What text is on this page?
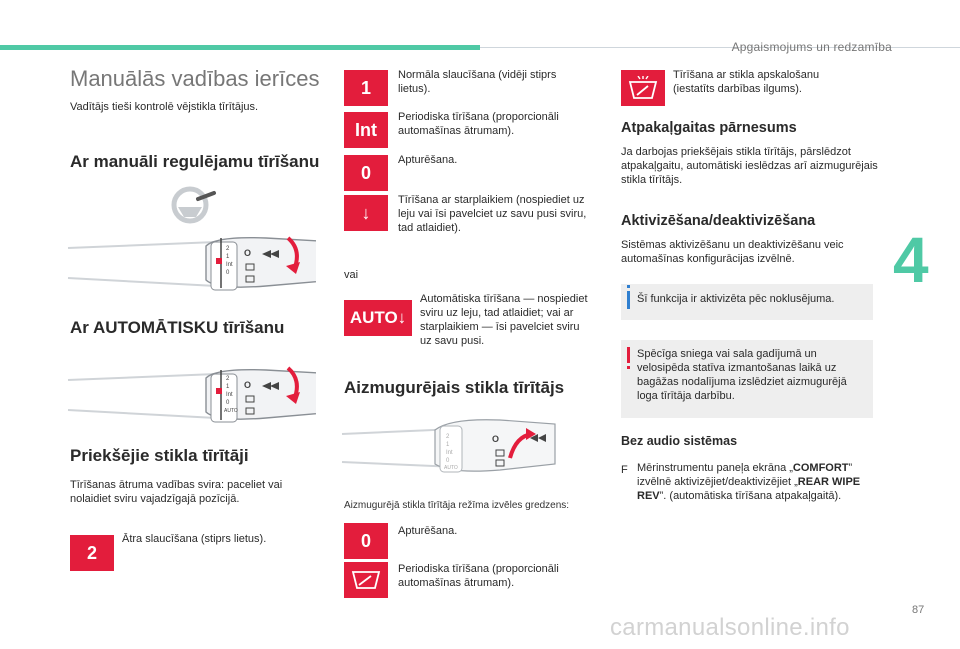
Apgaismojums un redzamība
4
Manuālās vadības ierīces
Vadītājs tieši kontrolē vējstikla tīrītājus.
Ar manuāli regulējamu tīrīšanu
2
1
Int
0
O
Ar AUTOMĀTISKU tīrīšanu
2
1
Int
0
AUTO
O
Priekšējie stikla tīrītāji
Tīrīšanas ātruma vadības svira: paceliet vai nolaidiet sviru vajadzīgajā pozīcijā.
2
Ātra slaucīšana (stiprs lietus).
1
Normāla slaucīšana (vidēji stiprs lietus).
Int
Periodiska tīrīšana (proporcionāli automašīnas ātrumam).
0
Apturēšana.
↓
Tīrīšana ar starplaikiem (nospiediet uz leju vai īsi pavelciet uz savu pusi sviru, tad atlaidiet).
vai
AUTO↓
Automātiska tīrīšana — nospiediet sviru uz leju, tad atlaidiet; vai ar starplaikiem — īsi pavelciet sviru uz savu pusi.
Aizmugurējais stikla tīrītājs
2
1
Int
0
AUTO
O
Aizmugurējā stikla tīrītāja režīma izvēles gredzens:
0	Apturēšana.
Periodiska tīrīšana (proporcionāli automašīnas ātrumam).
Tīrīšana ar stikla apskalošanu (iestatīts darbības ilgums).
Atpakaļgaitas pārnesums
Ja darbojas priekšējais stikla tīrītājs, pārslēdzot atpakaļgaitu, automātiski ieslēdzas arī aizmugurējais stikla tīrītājs.
Aktivizēšana/deaktivizēšana
Sistēmas aktivizēšanu un deaktivizēšanu veic automašīnas konfigurācijas izvēlnē.
Šī funkcija ir aktivizēta pēc noklusējuma.
Spēcīga sniega vai sala gadījumā un velosipēda statīva izmantošanas laikā uz bagāžas nodalījuma izslēdziet aizmugurējā loga tīrītāja darbību.
Bez audio sistēmas
F Mērinstrumentu paneļa ekrāna „COMFORT” izvēlnē aktivizējiet/deaktivizējiet „REAR WIPE REV”. (automātiska tīrīšana atpakaļgaitā).
87
carmanualsonline.info
